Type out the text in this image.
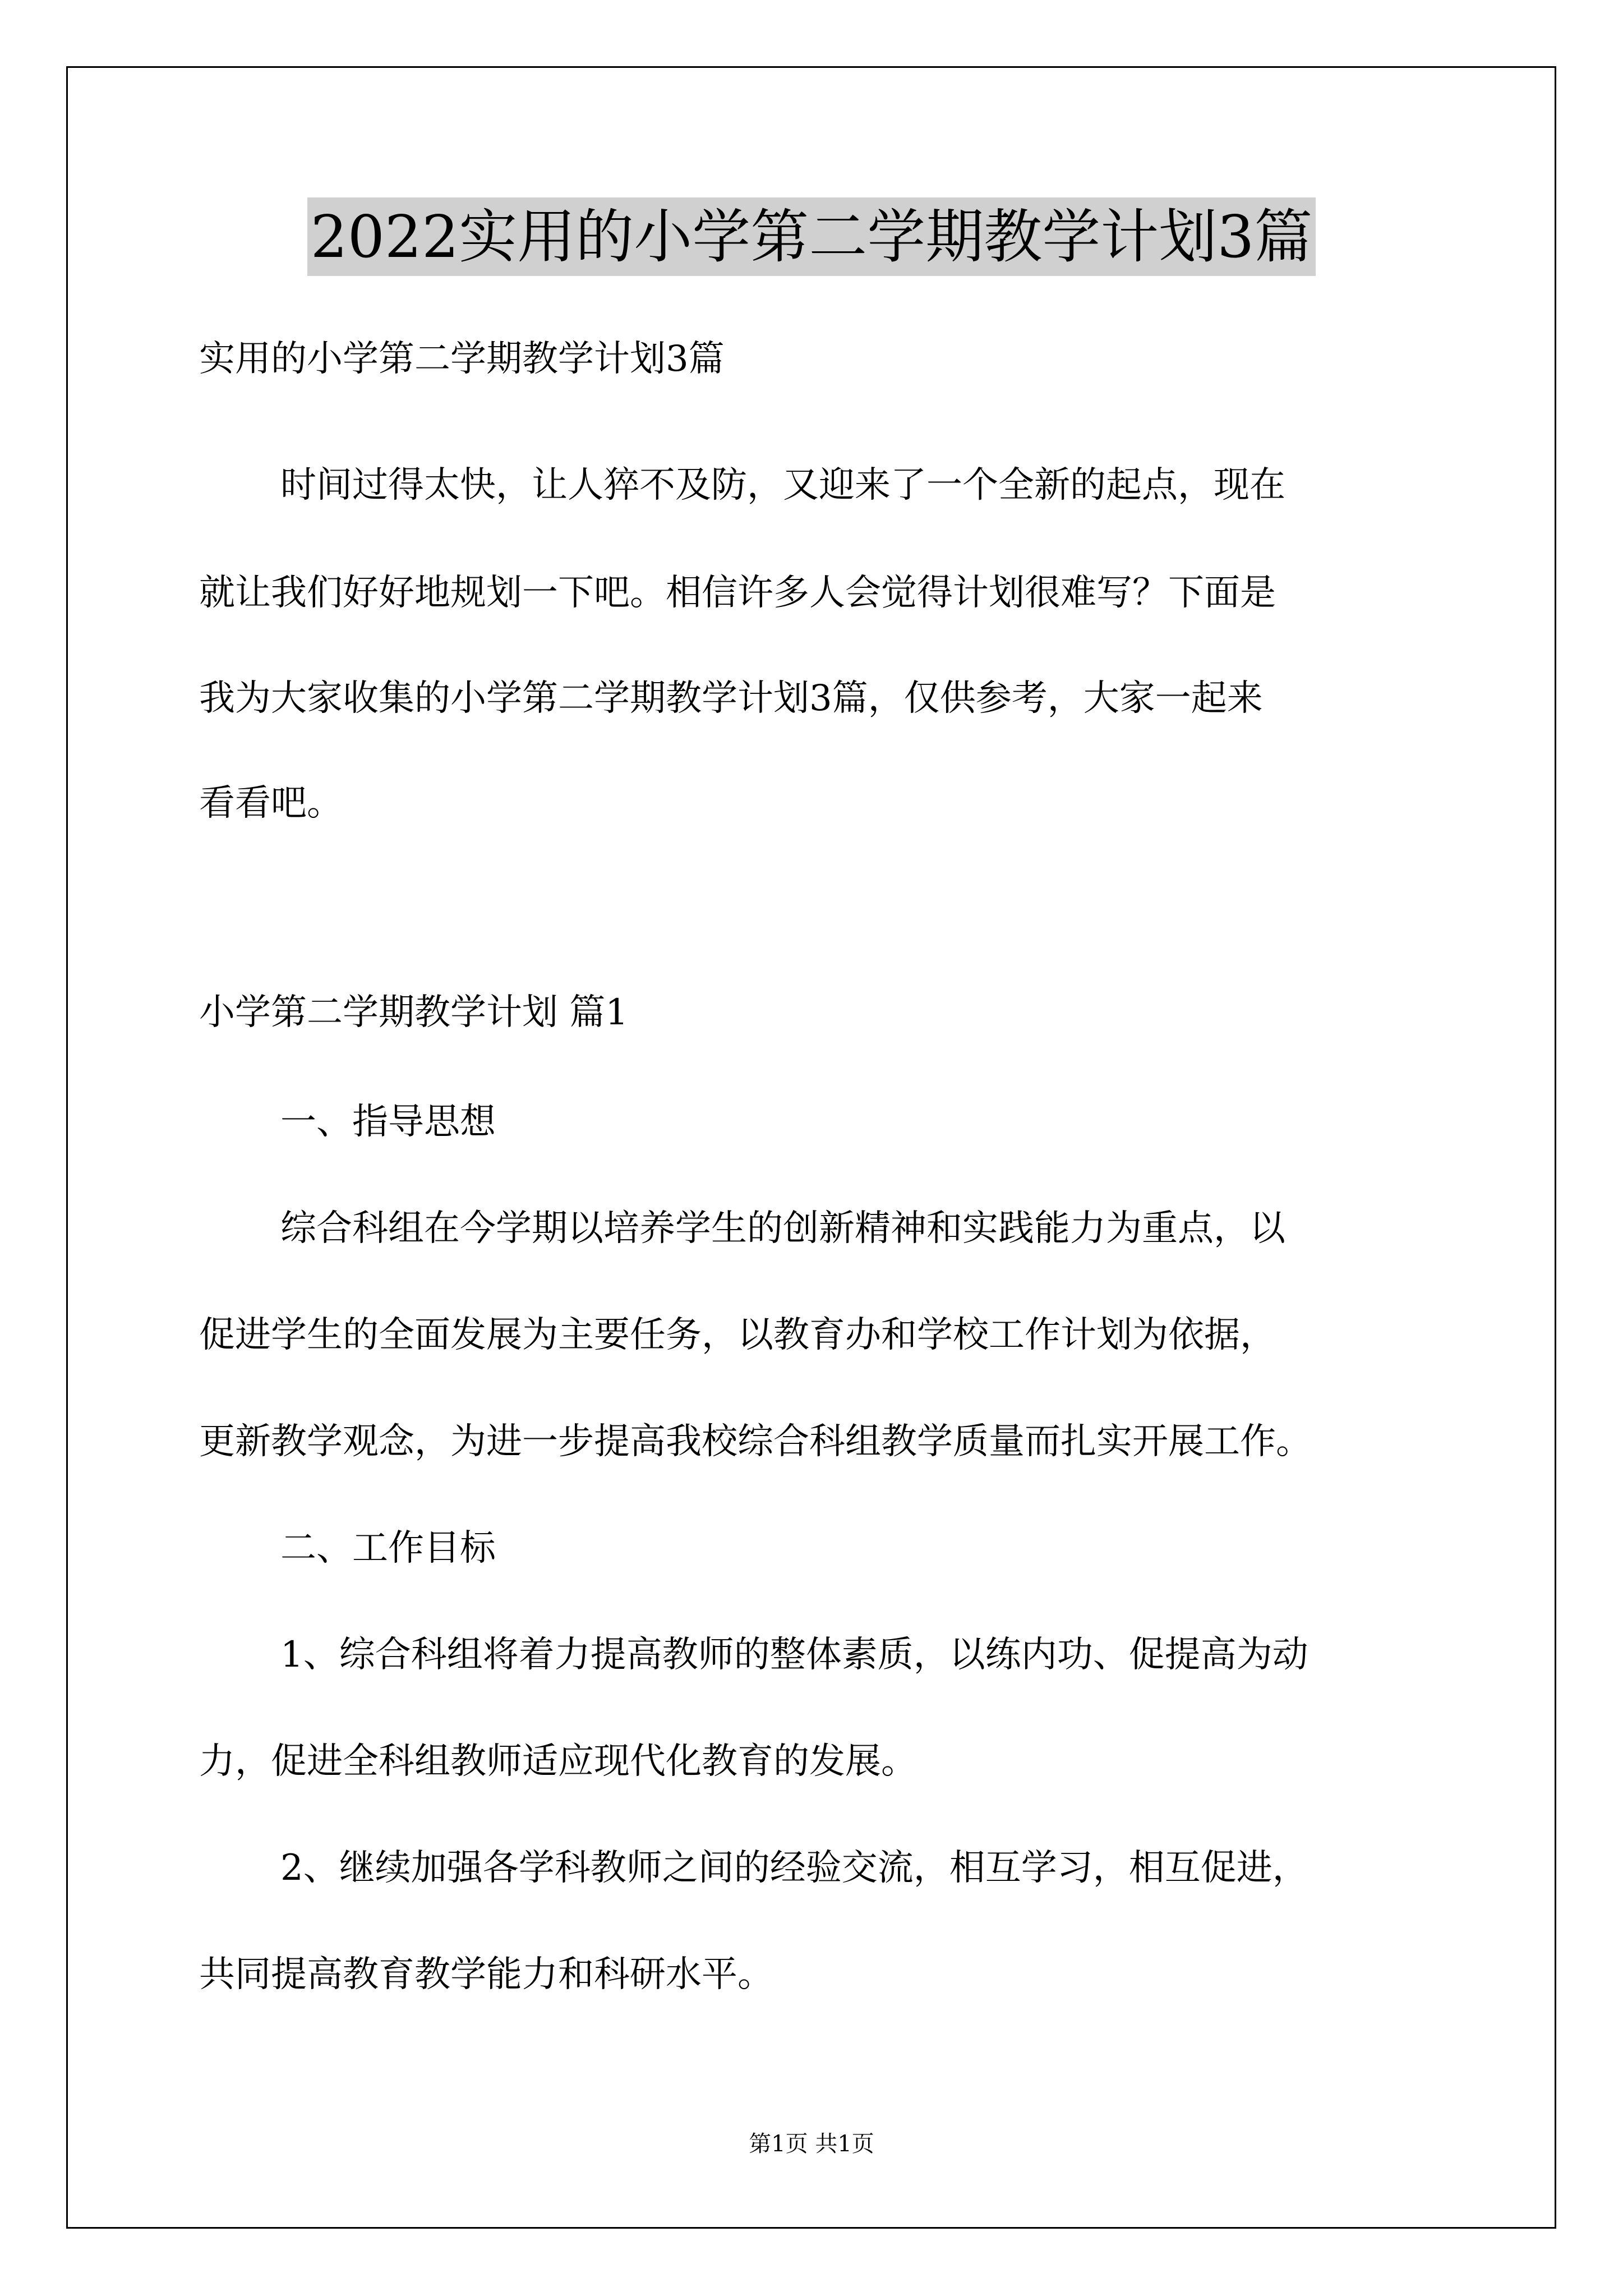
2022实用的小学第二学期教学计划3篇
实用的小学第二学期教学计划3篇
时间过得太快，让人猝不及防，又迎来了一个全新的起点，现在
就让我们好好地规划一下吧。相信许多人会觉得计划很难写？下面是
我为大家收集的小学第二学期教学计划3篇，仅供参考，大家一起来
看看吧。
小学第二学期教学计划 篇1
一、指导思想
综合科组在今学期以培养学生的创新精神和实践能力为重点，以
促进学生的全面发展为主要任务，以教育办和学校工作计划为依据，
更新教学观念，为进一步提高我校综合科组教学质量而扎实开展工作。
二、工作目标
1、综合科组将着力提高教师的整体素质，以练内功、促提高为动
力，促进全科组教师适应现代化教育的发展。
2、继续加强各学科教师之间的经验交流，相互学习，相互促进，
共同提高教育教学能力和科研水平。
第1页 共1页
